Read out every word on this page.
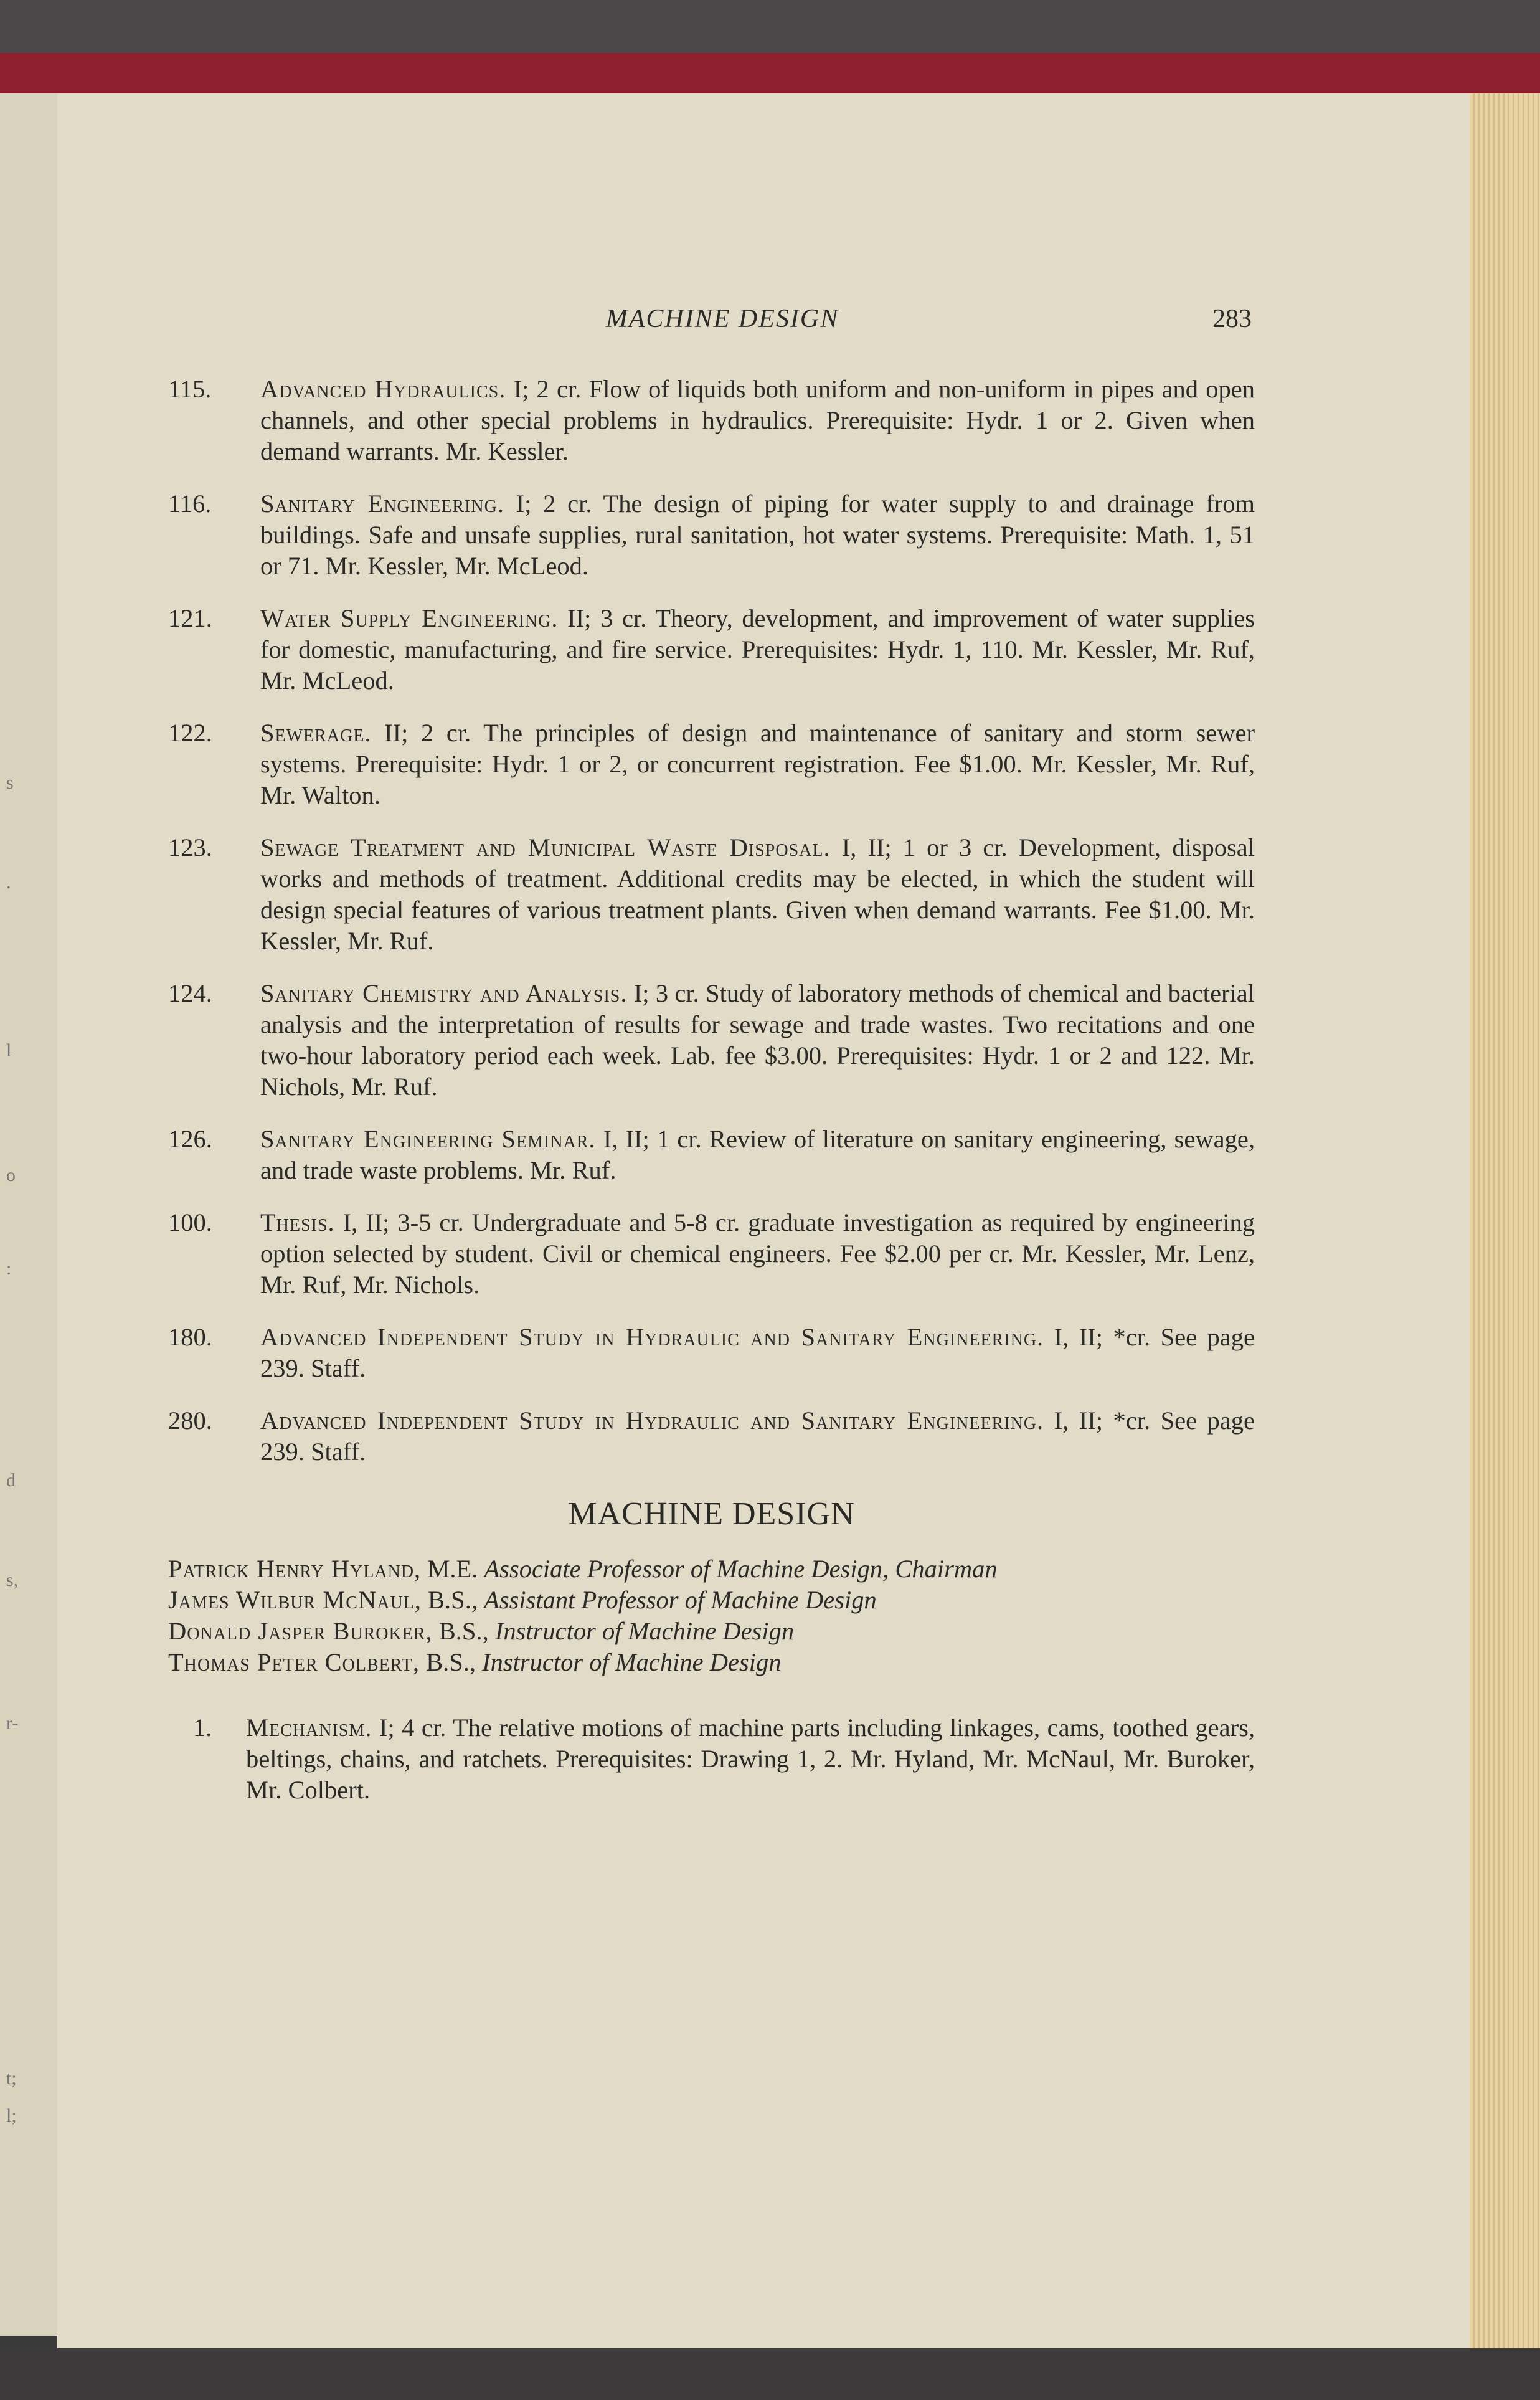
s
.
l
o
:
d
s,
r-
t;
l;
MACHINE DESIGN	283
115. Advanced Hydraulics. I; 2 cr. Flow of liquids both uniform and non-uniform in pipes and open channels, and other special problems in hydraulics. Prerequisite: Hydr. 1 or 2. Given when demand warrants. Mr. Kessler.
116. Sanitary Engineering. I; 2 cr. The design of piping for water supply to and drainage from buildings. Safe and unsafe supplies, rural sanitation, hot water systems. Prerequisite: Math. 1, 51 or 71. Mr. Kessler, Mr. McLeod.
121. Water Supply Engineering. II; 3 cr. Theory, development, and improvement of water supplies for domestic, manufacturing, and fire service. Prerequisites: Hydr. 1, 110. Mr. Kessler, Mr. Ruf, Mr. McLeod.
122. Sewerage. II; 2 cr. The principles of design and maintenance of sanitary and storm sewer systems. Prerequisite: Hydr. 1 or 2, or concurrent registration. Fee $1.00. Mr. Kessler, Mr. Ruf, Mr. Walton.
123. Sewage Treatment and Municipal Waste Disposal. I, II; 1 or 3 cr. Development, disposal works and methods of treatment. Additional credits may be elected, in which the student will design special features of various treatment plants. Given when demand warrants. Fee $1.00. Mr. Kessler, Mr. Ruf.
124. Sanitary Chemistry and Analysis. I; 3 cr. Study of laboratory methods of chemical and bacterial analysis and the interpretation of results for sewage and trade wastes. Two recitations and one two-hour laboratory period each week. Lab. fee $3.00. Prerequisites: Hydr. 1 or 2 and 122. Mr. Nichols, Mr. Ruf.
126. Sanitary Engineering Seminar. I, II; 1 cr. Review of literature on sanitary engineering, sewage, and trade waste problems. Mr. Ruf.
100. Thesis. I, II; 3-5 cr. Undergraduate and 5-8 cr. graduate investigation as required by engineering option selected by student. Civil or chemical engineers. Fee $2.00 per cr. Mr. Kessler, Mr. Lenz, Mr. Ruf, Mr. Nichols.
180. Advanced Independent Study in Hydraulic and Sanitary Engineering. I, II; *cr. See page 239. Staff.
280. Advanced Independent Study in Hydraulic and Sanitary Engineering. I, II; *cr. See page 239. Staff.
MACHINE DESIGN
Patrick Henry Hyland, M.E. Associate Professor of Machine Design, Chairman
James Wilbur McNaul, B.S., Assistant Professor of Machine Design
Donald Jasper Buroker, B.S., Instructor of Machine Design
Thomas Peter Colbert, B.S., Instructor of Machine Design
1. Mechanism. I; 4 cr. The relative motions of machine parts including linkages, cams, toothed gears, beltings, chains, and ratchets. Prerequisites: Drawing 1, 2. Mr. Hyland, Mr. McNaul, Mr. Buroker, Mr. Colbert.
